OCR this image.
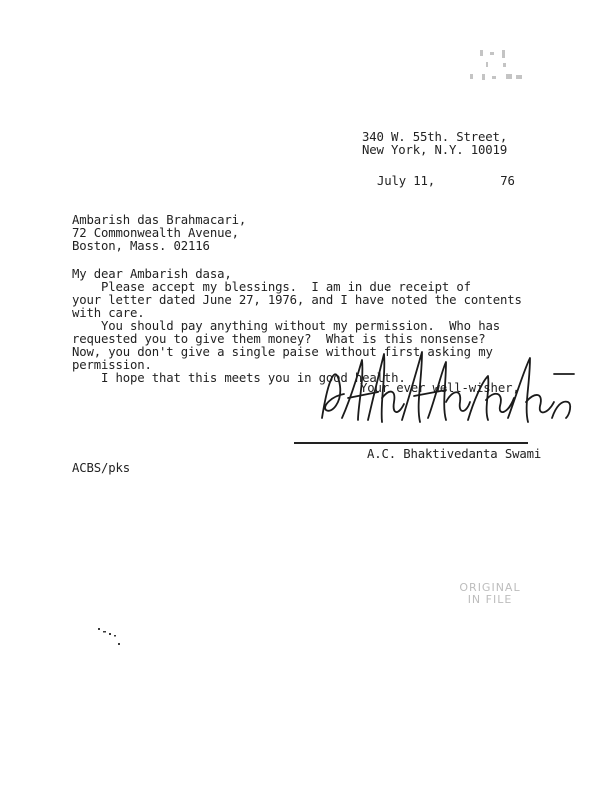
340 W. 55th. Street,
New York, N.Y. 10019
July 11,         76
Ambarish das Brahmacari,
72 Commonwealth Avenue,
Boston, Mass. 02116
My dear Ambarish dasa,
Please accept my blessings.  I am in due receipt of
your letter dated June 27, 1976, and I have noted the contents
with care.
You should pay anything without my permission.  Who has
requested you to give them money?  What is this nonsense?
Now, you don't give a single paise without first asking my
permission.
I hope that this meets you in good health.
Your ever well-wisher,
A.C. Bhaktivedanta Swami
ACBS/pks
ORIGINAL
IN FILE
